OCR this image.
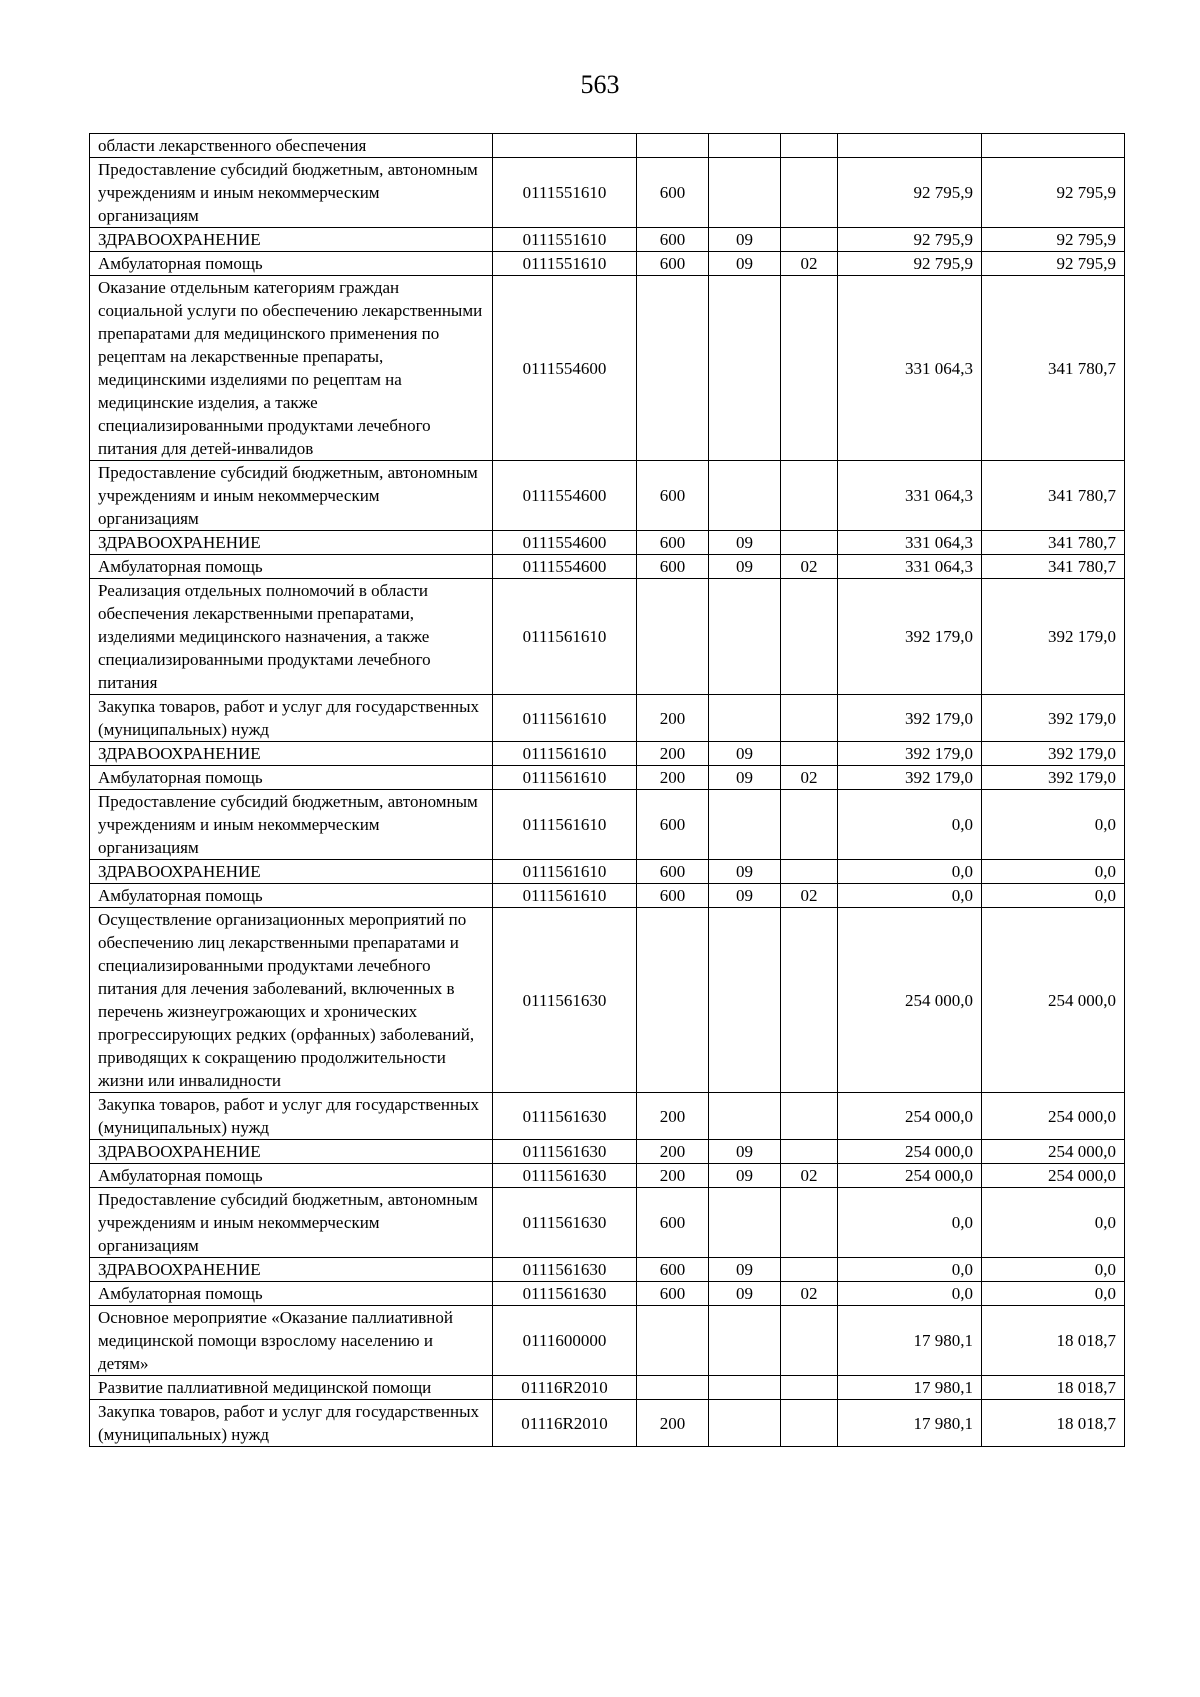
563
области лекарственного обеспечения						
Предоставление субсидий бюджетным, автономным учреждениям и иным некоммерческим организациям	0111551610	600			92 795,9	92 795,9
ЗДРАВООХРАНЕНИЕ	0111551610	600	09		92 795,9	92 795,9
Амбулаторная помощь	0111551610	600	09	02	92 795,9	92 795,9
Оказание отдельным категориям граждан социальной услуги по обеспечению лекарственными препаратами для медицинского применения по рецептам на лекарственные препараты, медицинскими изделиями по рецептам на медицинские изделия, а также специализированными продуктами лечебного питания для детей-инвалидов	0111554600				331 064,3	341 780,7
Предоставление субсидий бюджетным, автономным учреждениям и иным некоммерческим организациям	0111554600	600			331 064,3	341 780,7
ЗДРАВООХРАНЕНИЕ	0111554600	600	09		331 064,3	341 780,7
Амбулаторная помощь	0111554600	600	09	02	331 064,3	341 780,7
Реализация отдельных полномочий в области обеспечения лекарственными препаратами, изделиями медицинского назначения, а также специализированными продуктами лечебного питания	0111561610				392 179,0	392 179,0
Закупка товаров, работ и услуг для государственных (муниципальных) нужд	0111561610	200			392 179,0	392 179,0
ЗДРАВООХРАНЕНИЕ	0111561610	200	09		392 179,0	392 179,0
Амбулаторная помощь	0111561610	200	09	02	392 179,0	392 179,0
Предоставление субсидий бюджетным, автономным учреждениям и иным некоммерческим организациям	0111561610	600			0,0	0,0
ЗДРАВООХРАНЕНИЕ	0111561610	600	09		0,0	0,0
Амбулаторная помощь	0111561610	600	09	02	0,0	0,0
Осуществление организационных мероприятий по обеспечению лиц лекарственными препаратами и специализированными продуктами лечебного питания для лечения заболеваний, включенных в перечень жизнеугрожающих и хронических прогрессирующих редких (орфанных) заболеваний, приводящих к сокращению продолжительности жизни или инвалидности	0111561630				254 000,0	254 000,0
Закупка товаров, работ и услуг для государственных (муниципальных) нужд	0111561630	200			254 000,0	254 000,0
ЗДРАВООХРАНЕНИЕ	0111561630	200	09		254 000,0	254 000,0
Амбулаторная помощь	0111561630	200	09	02	254 000,0	254 000,0
Предоставление субсидий бюджетным, автономным учреждениям и иным некоммерческим организациям	0111561630	600			0,0	0,0
ЗДРАВООХРАНЕНИЕ	0111561630	600	09		0,0	0,0
Амбулаторная помощь	0111561630	600	09	02	0,0	0,0
Основное мероприятие «Оказание паллиативной медицинской помощи взрослому населению и детям»	0111600000				17 980,1	18 018,7
Развитие паллиативной медицинской помощи	01116R2010				17 980,1	18 018,7
Закупка товаров, работ и услуг для государственных (муниципальных) нужд	01116R2010	200			17 980,1	18 018,7
